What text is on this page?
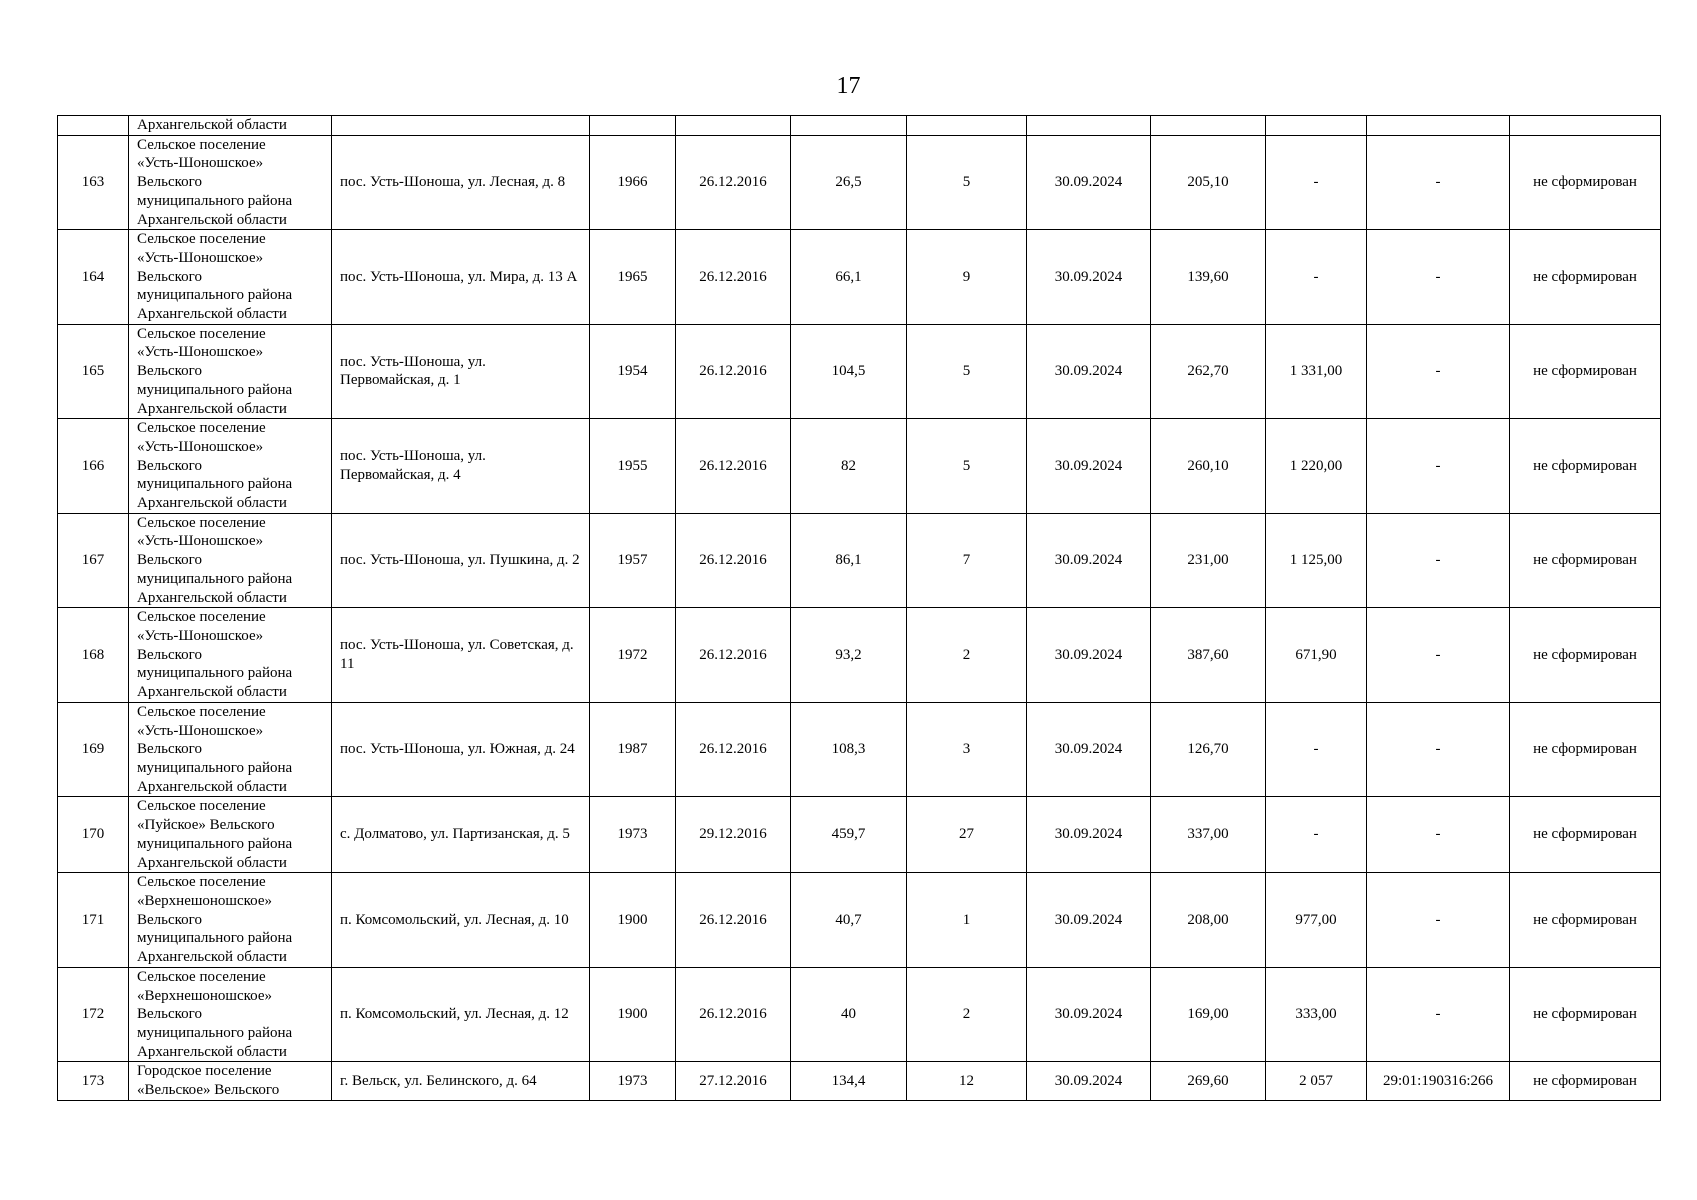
17
	Архангельской области										
163	Сельское поселение
«Усть-Шоношское»
Вельского
муниципального района
Архангельской области	пос. Усть-Шоноша, ул. Лесная, д. 8	1966	26.12.2016	26,5	5	30.09.2024	205,10	-	-	не сформирован
164	Сельское поселение
«Усть-Шоношское»
Вельского
муниципального района
Архангельской области	пос. Усть-Шоноша, ул. Мира, д. 13 А	1965	26.12.2016	66,1	9	30.09.2024	139,60	-	-	не сформирован
165	Сельское поселение
«Усть-Шоношское»
Вельского
муниципального района
Архангельской области	пос. Усть-Шоноша, ул. Первомайская, д. 1	1954	26.12.2016	104,5	5	30.09.2024	262,70	1 331,00	-	не сформирован
166	Сельское поселение
«Усть-Шоношское»
Вельского
муниципального района
Архангельской области	пос. Усть-Шоноша, ул. Первомайская, д. 4	1955	26.12.2016	82	5	30.09.2024	260,10	1 220,00	-	не сформирован
167	Сельское поселение
«Усть-Шоношское»
Вельского
муниципального района
Архангельской области	пос. Усть-Шоноша, ул. Пушкина, д. 2	1957	26.12.2016	86,1	7	30.09.2024	231,00	1 125,00	-	не сформирован
168	Сельское поселение
«Усть-Шоношское»
Вельского
муниципального района
Архангельской области	пос. Усть-Шоноша, ул. Советская, д. 11	1972	26.12.2016	93,2	2	30.09.2024	387,60	671,90	-	не сформирован
169	Сельское поселение
«Усть-Шоношское»
Вельского
муниципального района
Архангельской области	пос. Усть-Шоноша, ул. Южная, д. 24	1987	26.12.2016	108,3	3	30.09.2024	126,70	-	-	не сформирован
170	Сельское поселение
«Пуйское» Вельского
муниципального района
Архангельской области	с. Долматово, ул. Партизанская, д. 5	1973	29.12.2016	459,7	27	30.09.2024	337,00	-	-	не сформирован
171	Сельское поселение
«Верхнешоношское»
Вельского
муниципального района
Архангельской области	п. Комсомольский, ул. Лесная, д. 10	1900	26.12.2016	40,7	1	30.09.2024	208,00	977,00	-	не сформирован
172	Сельское поселение
«Верхнешоношское»
Вельского
муниципального района
Архангельской области	п. Комсомольский, ул. Лесная, д. 12	1900	26.12.2016	40	2	30.09.2024	169,00	333,00	-	не сформирован
173	Городское поселение
«Вельское» Вельского	г. Вельск, ул. Белинского, д. 64	1973	27.12.2016	134,4	12	30.09.2024	269,60	2 057	29:01:190316:266	не сформирован
